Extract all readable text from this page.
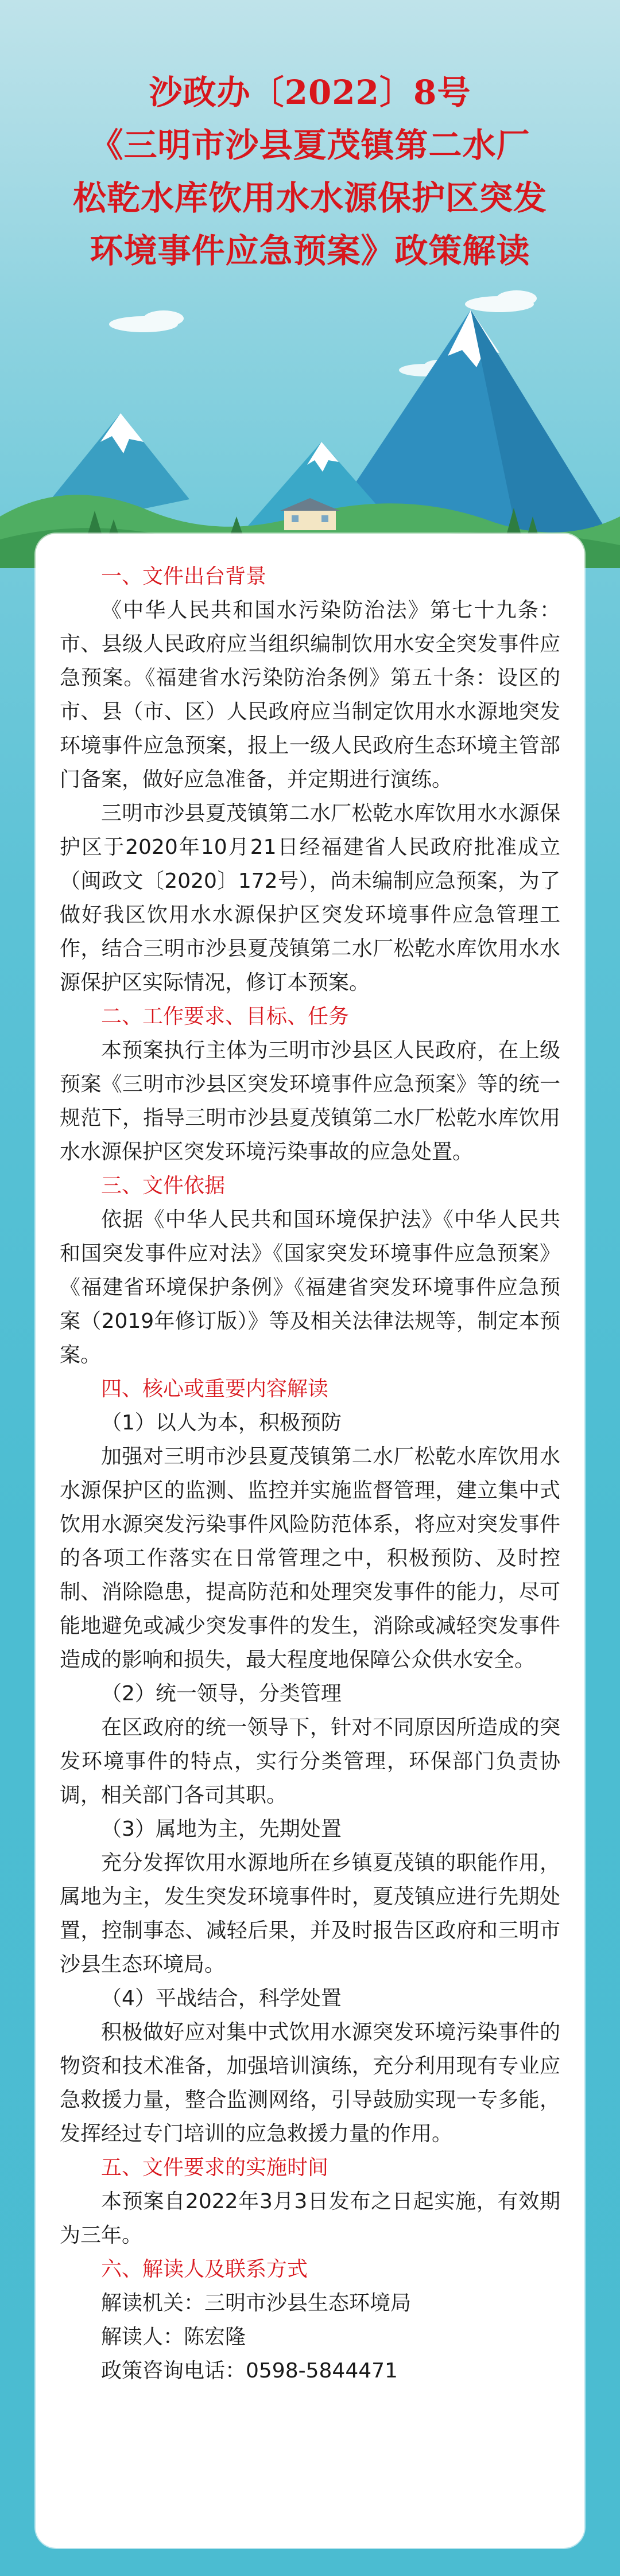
沙政办〔2022〕8号
《三明市沙县夏茂镇第二水厂
松乾水库饮用水水源保护区突发
环境事件应急预案》政策解读

一、文件出台背景

《中华人民共和国水污染防治法》第七十九条：市、县级人民政府应当组织编制饮用水安全突发事件应急预案。《福建省水污染防治条例》第五十条：设区的市、县（市、区）人民政府应当制定饮用水水源地突发环境事件应急预案，报上一级人民政府生态环境主管部门备案，做好应急准备，并定期进行演练。

三明市沙县夏茂镇第二水厂松乾水库饮用水水源保护区于2020年10月21日经福建省人民政府批准成立（闽政文〔2020〕172号），尚未编制应急预案，为了做好我区饮用水水源保护区突发环境事件应急管理工作，结合三明市沙县夏茂镇第二水厂松乾水库饮用水水源保护区实际情况，修订本预案。

二、工作要求、目标、任务

本预案执行主体为三明市沙县区人民政府，在上级预案《三明市沙县区突发环境事件应急预案》等的统一规范下，指导三明市沙县夏茂镇第二水厂松乾水库饮用水水源保护区突发环境污染事故的应急处置。

三、文件依据

依据《中华人民共和国环境保护法》《中华人民共和国突发事件应对法》《国家突发环境事件应急预案》《福建省环境保护条例》《福建省突发环境事件应急预案（2019年修订版）》等及相关法律法规等，制定本预案。

四、核心或重要内容解读

（1）以人为本，积极预防

加强对三明市沙县夏茂镇第二水厂松乾水库饮用水水源保护区的监测、监控并实施监督管理，建立集中式饮用水源突发污染事件风险防范体系，将应对突发事件的各项工作落实在日常管理之中，积极预防、及时控制、消除隐患，提高防范和处理突发事件的能力，尽可能地避免或减少突发事件的发生，消除或减轻突发事件造成的影响和损失，最大程度地保障公众供水安全。

（2）统一领导，分类管理

在区政府的统一领导下，针对不同原因所造成的突发环境事件的特点，实行分类管理，环保部门负责协调，相关部门各司其职。

（3）属地为主，先期处置

充分发挥饮用水源地所在乡镇夏茂镇的职能作用，属地为主，发生突发环境事件时，夏茂镇应进行先期处置，控制事态、减轻后果，并及时报告区政府和三明市沙县生态环境局。

（4）平战结合，科学处置

积极做好应对集中式饮用水源突发环境污染事件的物资和技术准备，加强培训演练，充分利用现有专业应急救援力量，整合监测网络，引导鼓励实现一专多能，发挥经过专门培训的应急救援力量的作用。

五、文件要求的实施时间

本预案自2022年3月3日发布之日起实施，有效期为三年。

六、解读人及联系方式

解读机关：三明市沙县生态环境局

解读人：陈宏隆

政策咨询电话：0598-5844471
